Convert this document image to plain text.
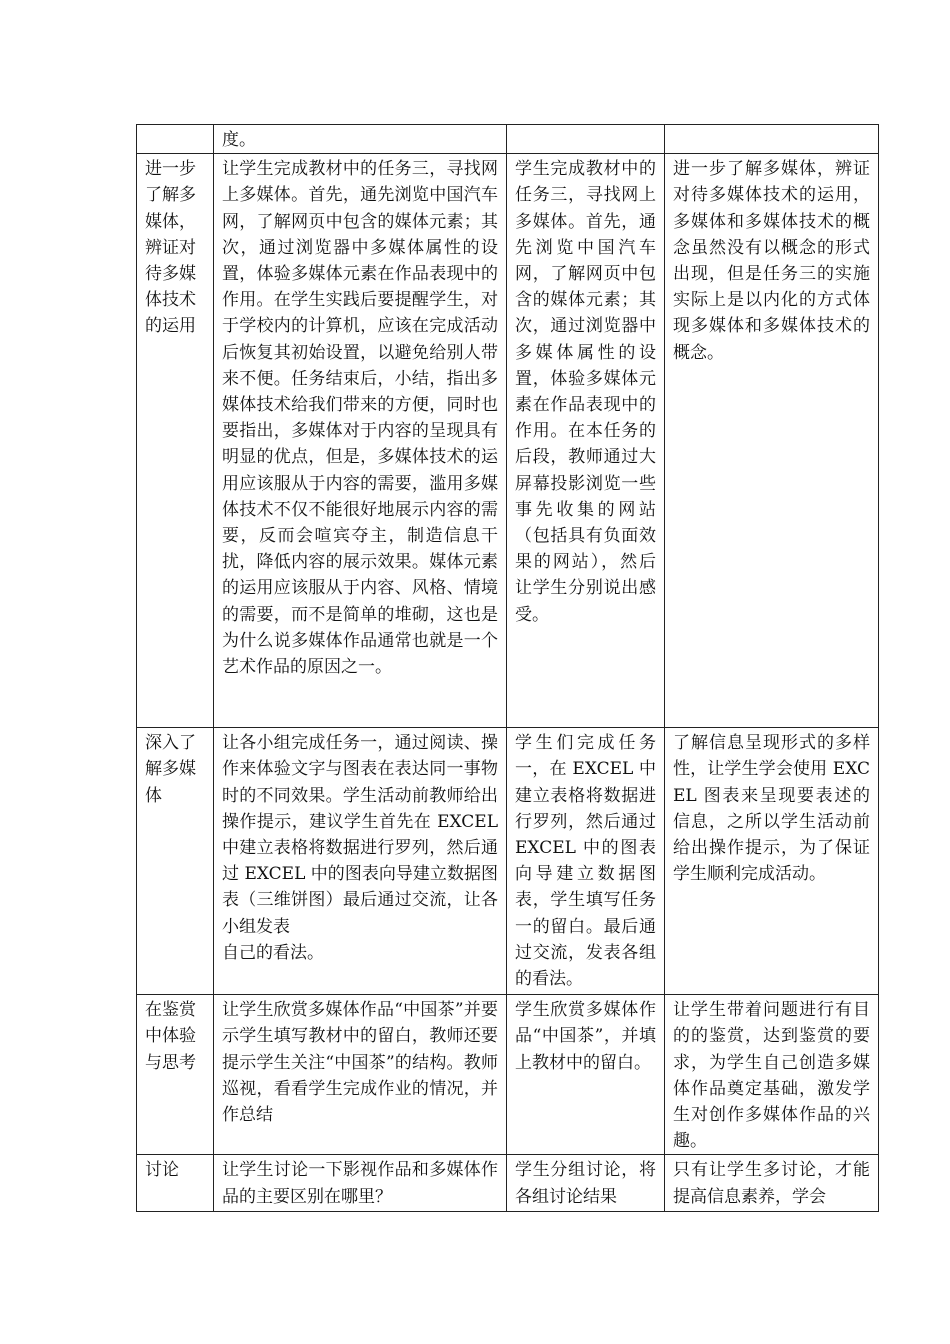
	度。		

进一步了解多媒体，辨证对待多媒体技术的运用	让学生完成教材中的任务三，寻找网上多媒体。首先，通先浏览中国汽车网，了解网页中包含的媒体元素；其次，通过浏览器中多媒体属性的设置，体验多媒体元素在作品表现中的作用。在学生实践后要提醒学生，对于学校内的计算机，应该在完成活动后恢复其初始设置，以避免给别人带来不便。任务结束后，小结，指出多媒体技术给我们带来的方便，同时也要指出，多媒体对于内容的呈现具有明显的优点，但是，多媒体技术的运用应该服从于内容的需要，滥用多媒体技术不仅不能很好地展示内容的需要，反而会喧宾夺主，制造信息干扰，降低内容的展示效果。媒体元素的运用应该服从于内容、风格、情境的需要，而不是简单的堆砌，这也是为什么说多媒体作品通常也就是一个艺术作品的原因之一。	学生完成教材中的任务三，寻找网上多媒体。首先，通先浏览中国汽车网，了解网页中包含的媒体元素；其次，通过浏览器中多媒体属性的设置，体验多媒体元素在作品表现中的作用。在本任务的后段，教师通过大屏幕投影浏览一些事先收集的网站（包括具有负面效果的网站），然后让学生分别说出感受。	进一步了解多媒体，辨证对待多媒体技术的运用，多媒体和多媒体技术的概念虽然没有以概念的形式出现，但是任务三的实施实际上是以内化的方式体现多媒体和多媒体技术的概念。

深入了解多媒体	让各小组完成任务一，通过阅读、操作来体验文字与图表在表达同一事物时的不同效果。学生活动前教师给出操作提示，建议学生首先在 EXCEL 中建立表格将数据进行罗列，然后通过 EXCEL 中的图表向导建立数据图表（三维饼图）最后通过交流，让各小组发表
自己的看法。	学生们完成任务一，在 EXCEL 中建立表格将数据进行罗列，然后通过 EXCEL 中的图表向导建立数据图表，学生填写任务一的留白。最后通过交流，发表各组的看法。	了解信息呈现形式的多样性，让学生学会使用 EXCEL 图表来呈现要表述的信息，之所以学生活动前给出操作提示，为了保证学生顺利完成活动。

在鉴赏中体验与思考	让学生欣赏多媒体作品“中国茶”并要示学生填写教材中的留白，教师还要提示学生关注“中国茶”的结构。教师巡视，看看学生完成作业的情况，并作总结	学生欣赏多媒体作品“中国茶”，并填上教材中的留白。	让学生带着问题进行有目的的鉴赏，达到鉴赏的要求，为学生自己创造多媒体作品奠定基础，激发学生对创作多媒体作品的兴趣。

讨论	让学生讨论一下影视作品和多媒体作品的主要区别在哪里？	学生分组讨论，将各组讨论结果	只有让学生多讨论，才能提高信息素养，学会
